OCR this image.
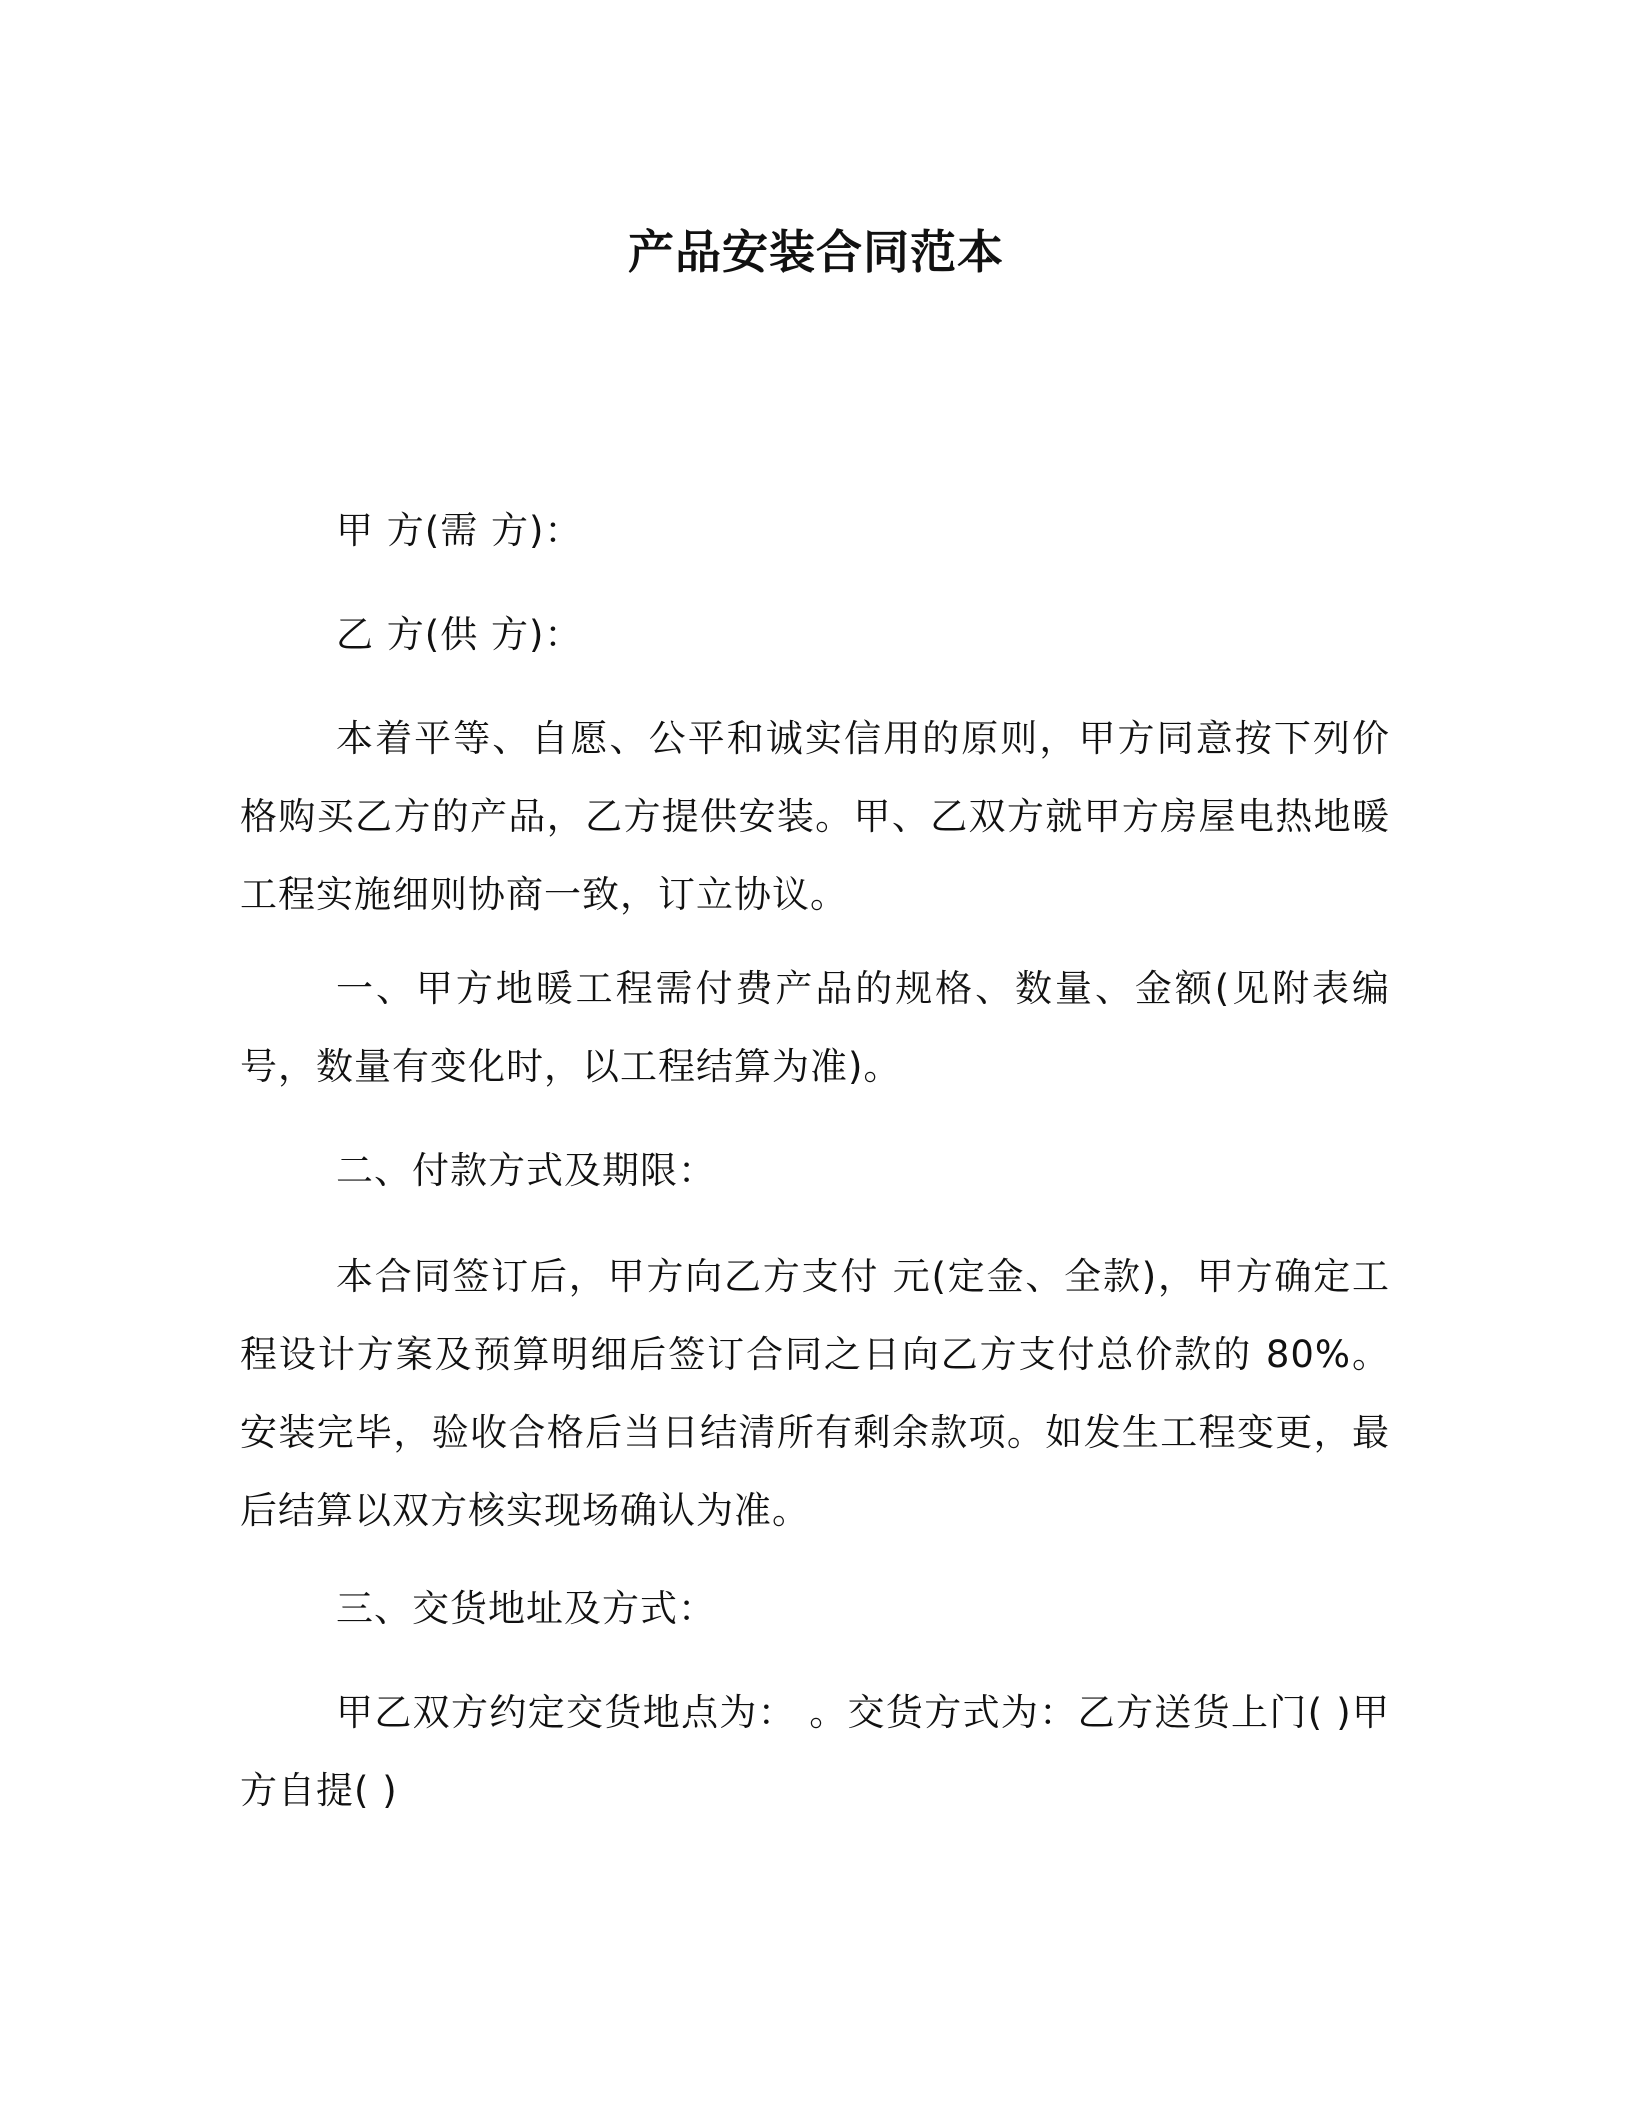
产品安装合同范本

甲 方(需 方)：

乙 方(供 方)：

本着平等、自愿、公平和诚实信用的原则，甲方同意按下列价格购买乙方的产品，乙方提供安装。甲、乙双方就甲方房屋电热地暖工程实施细则协商一致，订立协议。

一、甲方地暖工程需付费产品的规格、数量、金额(见附表编号，数量有变化时，以工程结算为准)。

二、付款方式及期限：

本合同签订后，甲方向乙方支付 元(定金、全款)，甲方确定工程设计方案及预算明细后签订合同之日向乙方支付总价款的 80%。安装完毕，验收合格后当日结清所有剩余款项。如发生工程变更，最后结算以双方核实现场确认为准。

三、交货地址及方式：

甲乙双方约定交货地点为： 。交货方式为：乙方送货上门( )甲方自提( )
